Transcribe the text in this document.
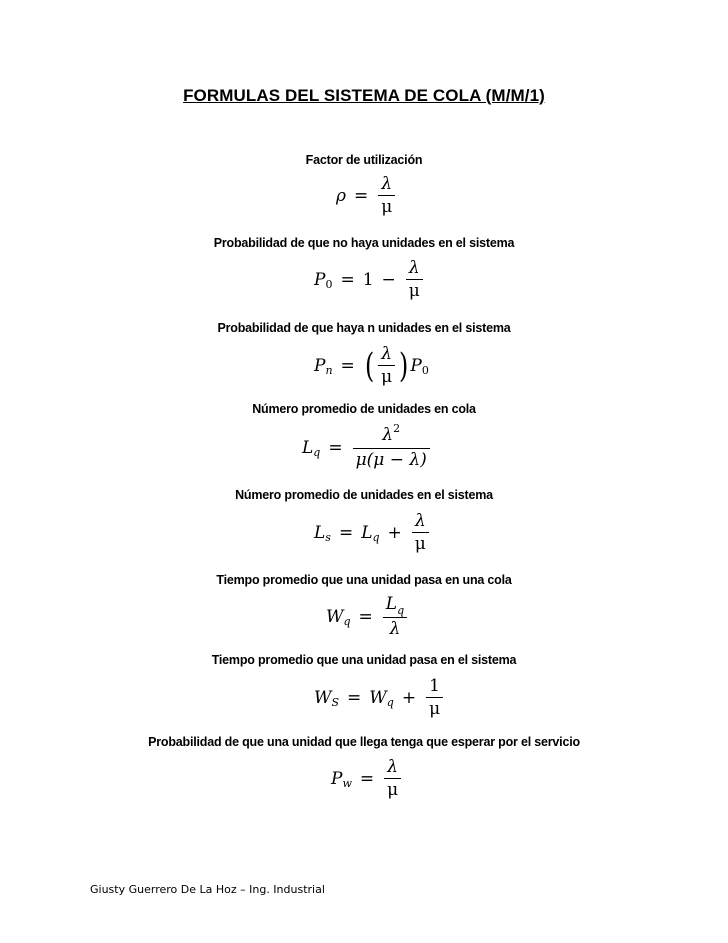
FORMULAS DEL SISTEMA DE COLA (M/M/1)
Factor de utilización
$\rho = \frac{\lambda}{\mu}$
Probabilidad de que no haya unidades en el sistema
P $0 = 1 - \frac{\lambda}{\mu}$
Probabilidad de que haya n unidades en el sistema
P n = ( $\frac{\lambda}{\mu}$ ) P 0
Número promedio de unidades en cola
L $q = \frac{\lambda^2}{\mu(\mu - \lambda)}$
Número promedio de unidades en el sistema
L s = L $q + \frac{\lambda}{\mu}$
Tiempo promedio que una unidad pasa en una cola
W $q = \frac{L_q}{\lambda}$
Tiempo promedio que una unidad pasa en el sistema
W S = W $q + \frac{1}{\mu}$
Probabilidad de que una unidad que llega tenga que esperar por el servicio
P $w = \frac{\lambda}{\mu}$
Giusty Guerrero De La Hoz – Ing. Industrial
